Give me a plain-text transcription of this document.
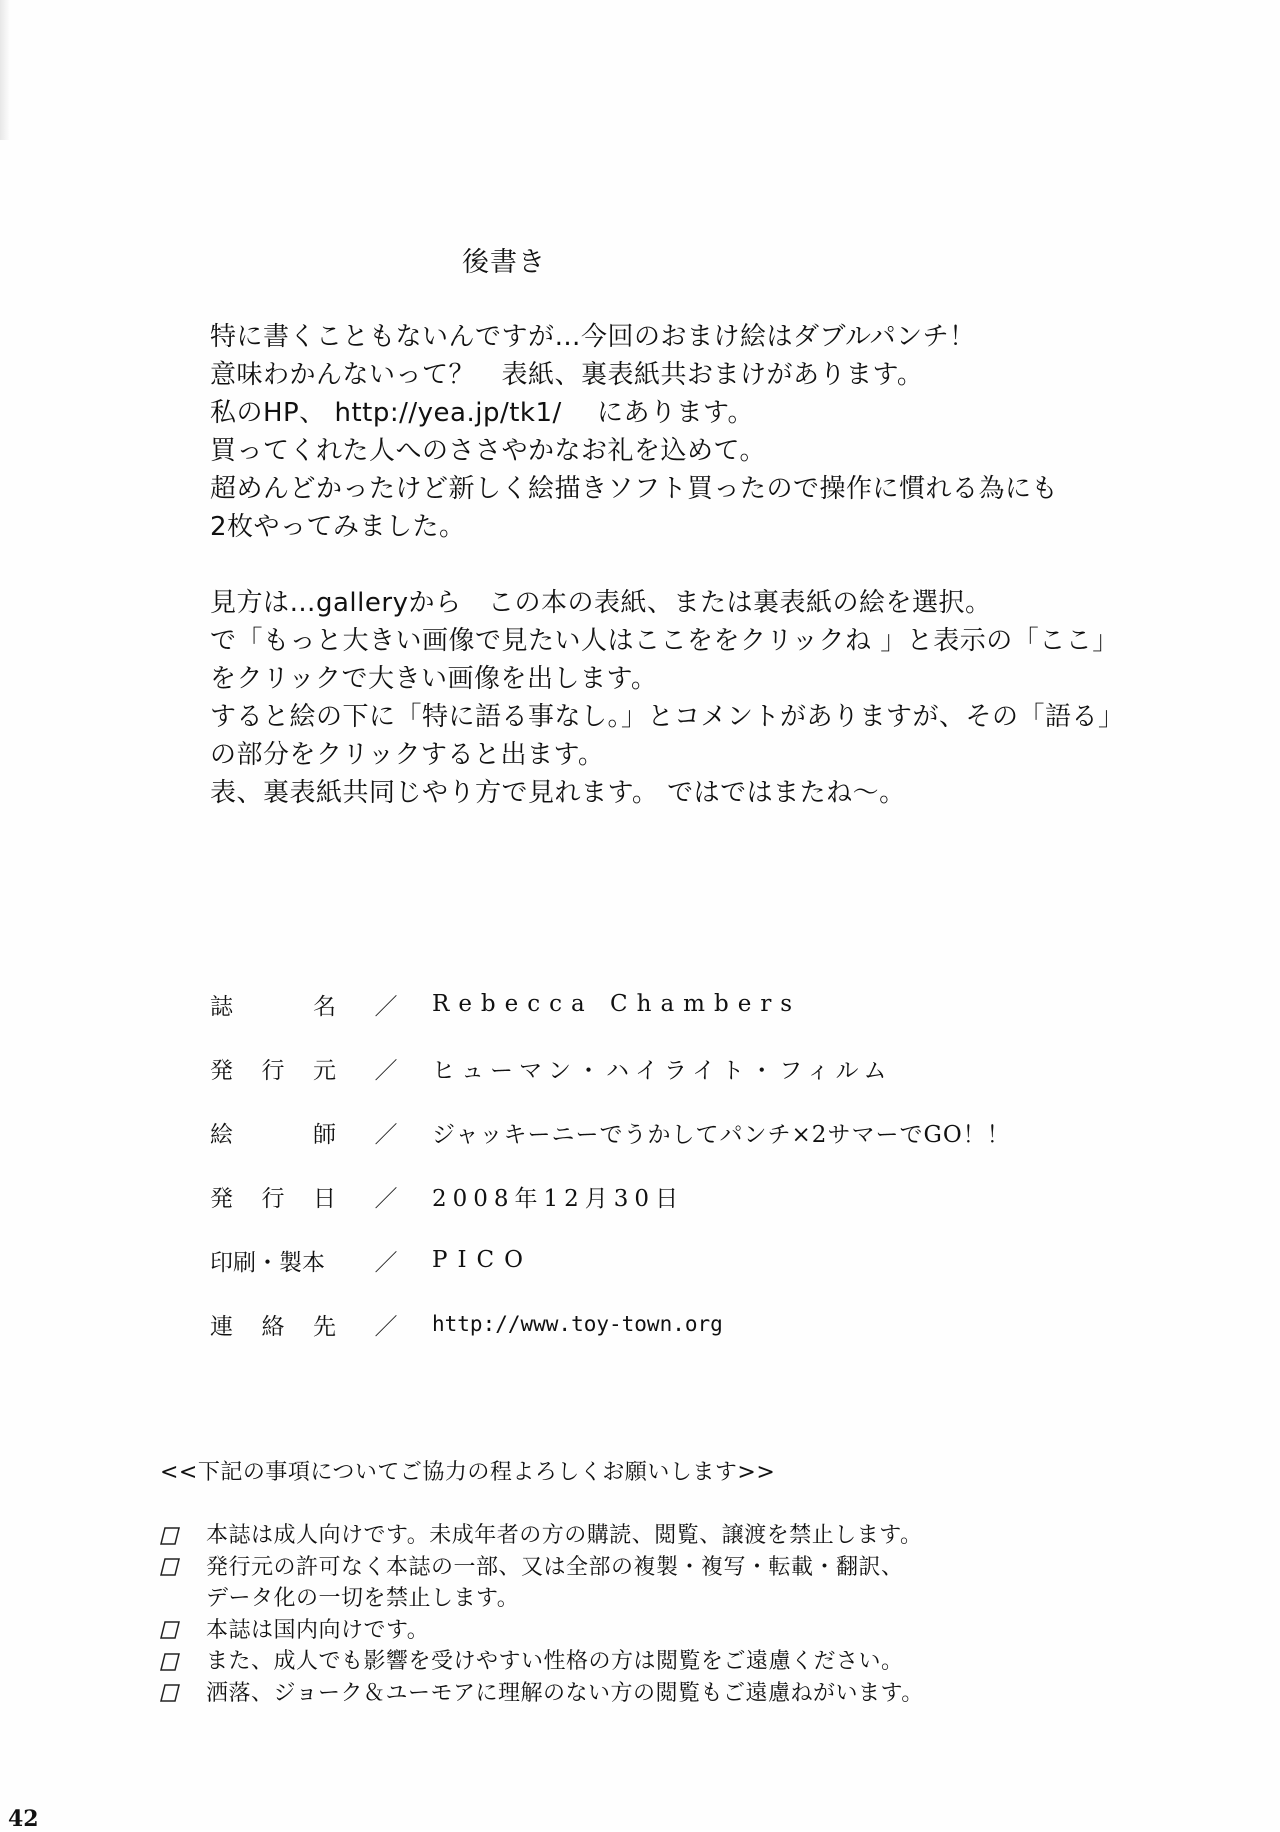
後書き
特に書くこともないんですが…今回のおまけ絵はダブルパンチ！
意味わかんないって？　表紙、裏表紙共おまけがあります。
私のHP、 http://yea.jp/tk1/　 にあります。
買ってくれた人へのささやかなお礼を込めて。
超めんどかったけど新しく絵描きソフト買ったので操作に慣れる為にも
2枚やってみました。
見方は…galleryから　この本の表紙、または裏表紙の絵を選択。
で「もっと大きい画像で見たい人はここををクリックね 」と表示の「ここ」
をクリックで大きい画像を出します。
すると絵の下に「特に語る事なし。」とコメントがありますが、その「語る」
の部分をクリックすると出ます。
表、裏表紙共同じやり方で見れます。 ではではまたね～。
誌	名	／	Rebecca Chambers
発 行 元	／	ヒューマン・ハイライト・フィルム
絵	師	／	ジャッキーニーでうかしてパンチ×2サマーでGO！！
発 行 日	／	2008年12月30日
印刷・製本	／	PICO
連 絡 先	／	http://www.toy-town.org
<<下記の事項についてご協力の程よろしくお願いします>>
本誌は成人向けです。未成年者の方の購読、閲覧、譲渡を禁止します。
発行元の許可なく本誌の一部、又は全部の複製・複写・転載・翻訳、
データ化の一切を禁止します。
本誌は国内向けです。
また、成人でも影響を受けやすい性格の方は閲覧をご遠慮ください。
洒落、ジョーク＆ユーモアに理解のない方の閲覧もご遠慮ねがいます。
42
